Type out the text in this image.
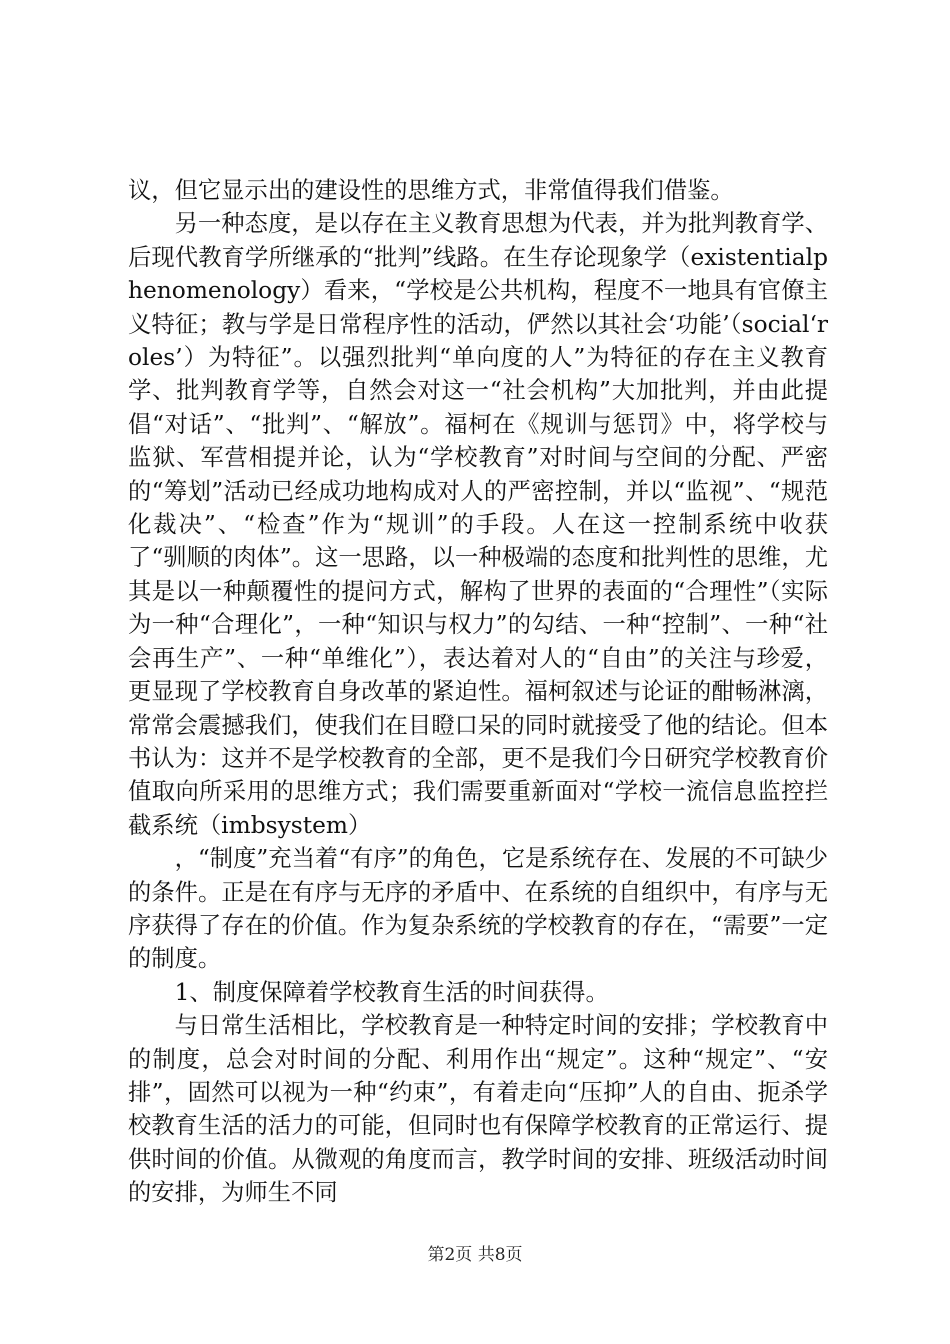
议，但它显示出的建设性的思维方式，非常值得我们借鉴。

另一种态度，是以存在主义教育思想为代表，并为批判教育学、后现代教育学所继承的“批判”线路。在生存论现象学（existentialphenomenology）看来，“学校是公共机构，程度不一地具有官僚主义特征；教与学是日常程序性的活动，俨然以其社会‘功能’（social‘roles’）为特征”。以强烈批判“单向度的人”为特征的存在主义教育学、批判教育学等，自然会对这一“社会机构”大加批判，并由此提倡“对话”、“批判”、“解放”。福柯在《规训与惩罚》中，将学校与监狱、军营相提并论，认为“学校教育”对时间与空间的分配、严密的“筹划”活动已经成功地构成对人的严密控制，并以“监视”、“规范化裁决”、“检查”作为“规训”的手段。人在这一控制系统中收获了“驯顺的肉体”。这一思路，以一种极端的态度和批判性的思维，尤其是以一种颠覆性的提问方式，解构了世界的表面的“合理性”（实际为一种“合理化”，一种“知识与权力”的勾结、一种“控制”、一种“社会再生产”、一种“单维化”），表达着对人的“自由”的关注与珍爱，更显现了学校教育自身改革的紧迫性。福柯叙述与论证的酣畅淋漓，常常会震撼我们，使我们在目瞪口呆的同时就接受了他的结论。但本书认为：这并不是学校教育的全部，更不是我们今日研究学校教育价值取向所采用的思维方式；我们需要重新面对“学校一流信息监控拦截系统（imbsystem）

，“制度”充当着“有序”的角色，它是系统存在、发展的不可缺少的条件。正是在有序与无序的矛盾中、在系统的自组织中，有序与无序获得了存在的价值。作为复杂系统的学校教育的存在，“需要”一定的制度。

1、制度保障着学校教育生活的时间获得。

与日常生活相比，学校教育是一种特定时间的安排；学校教育中的制度，总会对时间的分配、利用作出“规定”。这种“规定”、“安排”，固然可以视为一种“约束”，有着走向“压抑”人的自由、扼杀学校教育生活的活力的可能，但同时也有保障学校教育的正常运行、提供时间的价值。从微观的角度而言，教学时间的安排、班级活动时间的安排，为师生不同

第2页 共8页
